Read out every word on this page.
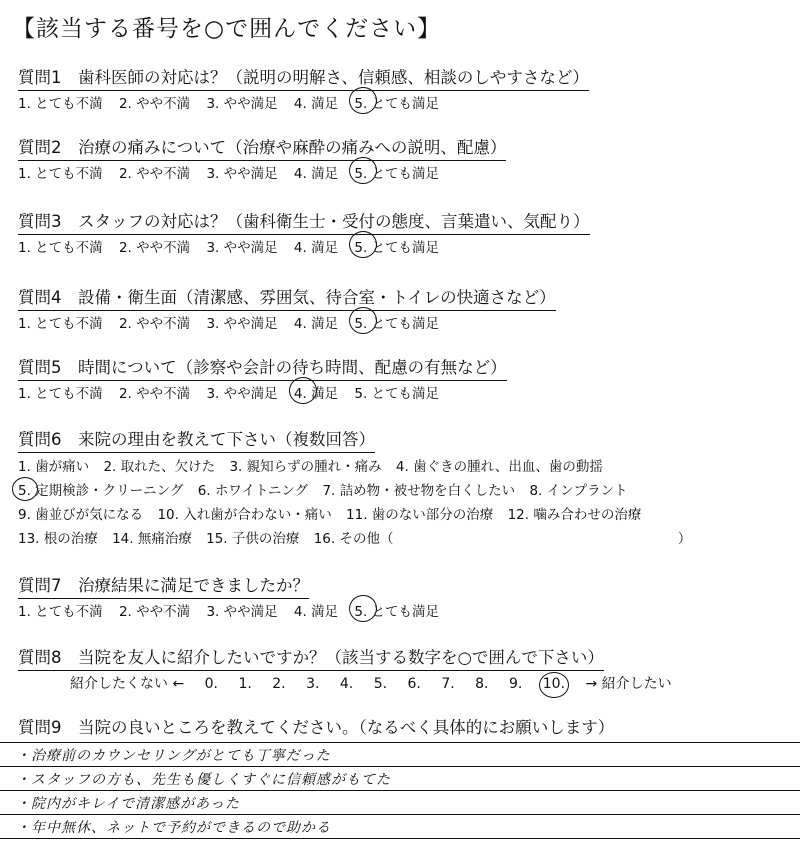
【該当する番号を○で囲んでください】
質問1　歯科医師の対応は？（説明の明解さ、信頼感、相談のしやすさなど）
1. とても不満 2. やや不満 3. やや満足 4. 満足 5. とても満足
質問2　治療の痛みについて（治療や麻酔の痛みへの説明、配慮）
1. とても不満 2. やや不満 3. やや満足 4. 満足 5. とても満足
質問3　スタッフの対応は？（歯科衛生士・受付の態度、言葉遣い、気配り）
1. とても不満 2. やや不満 3. やや満足 4. 満足 5. とても満足
質問4　設備・衛生面（清潔感、雰囲気、待合室・トイレの快適さなど）
1. とても不満 2. やや不満 3. やや満足 4. 満足 5. とても満足
質問5　時間について（診察や会計の待ち時間、配慮の有無など）
1. とても不満 2. やや不満 3. やや満足 4. 満足 5. とても満足
質問6　来院の理由を教えて下さい（複数回答）
1. 歯が痛い 2. 取れた、欠けた 3. 親知らずの腫れ・痛み 4. 歯ぐきの腫れ、出血、歯の動揺
5. 定期検診・クリーニング 6. ホワイトニング 7. 詰め物・被せ物を白くしたい 8. インプラント
9. 歯並びが気になる 10. 入れ歯が合わない・痛い 11. 歯のない部分の治療 12. 噛み合わせの治療
13. 根の治療 14. 無痛治療 15. 子供の治療 16. その他（	）
質問7　治療結果に満足できましたか？
1. とても不満 2. やや不満 3. やや満足 4. 満足 5. とても満足
質問8　当院を友人に紹介したいですか？（該当する数字を○で囲んで下さい）
紹介したくない ← 0. 1. 2. 3. 4. 5. 6. 7. 8. 9. 10. → 紹介したい
質問9　当院の良いところを教えてください。（なるべく具体的にお願いします）
・治療前のカウンセリングがとても丁寧だった
・スタッフの方も、先生も優しくすぐに信頼感がもてた
・院内がキレイで清潔感があった
・年中無休、ネットで予約ができるので助かる
